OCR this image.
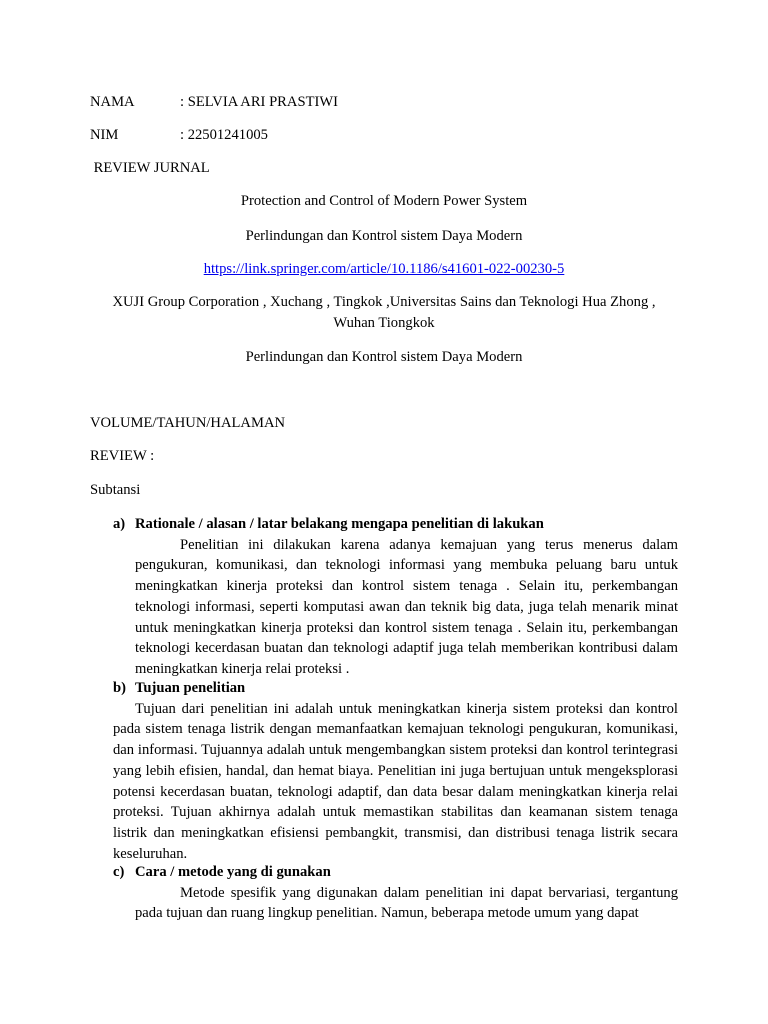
NAMA	: SELVIA ARI PRASTIWI
NIM	: 22501241005
REVIEW JURNAL
Protection and Control of Modern Power System
Perlindungan dan Kontrol sistem Daya Modern
https://link.springer.com/article/10.1186/s41601-022-00230-5
XUJI Group Corporation , Xuchang , Tingkok ,Universitas Sains dan Teknologi Hua Zhong ,
Wuhan Tiongkok
Perlindungan dan Kontrol sistem Daya Modern
VOLUME/TAHUN/HALAMAN
REVIEW :
Subtansi
a) Rationale / alasan / latar belakang mengapa penelitian di lakukan
Penelitian ini dilakukan karena adanya kemajuan yang terus menerus dalam pengukuran, komunikasi, dan teknologi informasi yang membuka peluang baru untuk meningkatkan kinerja proteksi dan kontrol sistem tenaga . Selain itu, perkembangan teknologi informasi, seperti komputasi awan dan teknik big data, juga telah menarik minat untuk meningkatkan kinerja proteksi dan kontrol sistem tenaga . Selain itu, perkembangan teknologi kecerdasan buatan dan teknologi adaptif juga telah memberikan kontribusi dalam meningkatkan kinerja relai proteksi .
b) Tujuan penelitian
Tujuan dari penelitian ini adalah untuk meningkatkan kinerja sistem proteksi dan kontrol pada sistem tenaga listrik dengan memanfaatkan kemajuan teknologi pengukuran, komunikasi, dan informasi. Tujuannya adalah untuk mengembangkan sistem proteksi dan kontrol terintegrasi yang lebih efisien, handal, dan hemat biaya. Penelitian ini juga bertujuan untuk mengeksplorasi potensi kecerdasan buatan, teknologi adaptif, dan data besar dalam meningkatkan kinerja relai proteksi. Tujuan akhirnya adalah untuk memastikan stabilitas dan keamanan sistem tenaga listrik dan meningkatkan efisiensi pembangkit, transmisi, dan distribusi tenaga listrik secara keseluruhan.
c) Cara / metode yang di gunakan
Metode spesifik yang digunakan dalam penelitian ini dapat bervariasi, tergantung pada tujuan dan ruang lingkup penelitian. Namun, beberapa metode umum yang dapat
